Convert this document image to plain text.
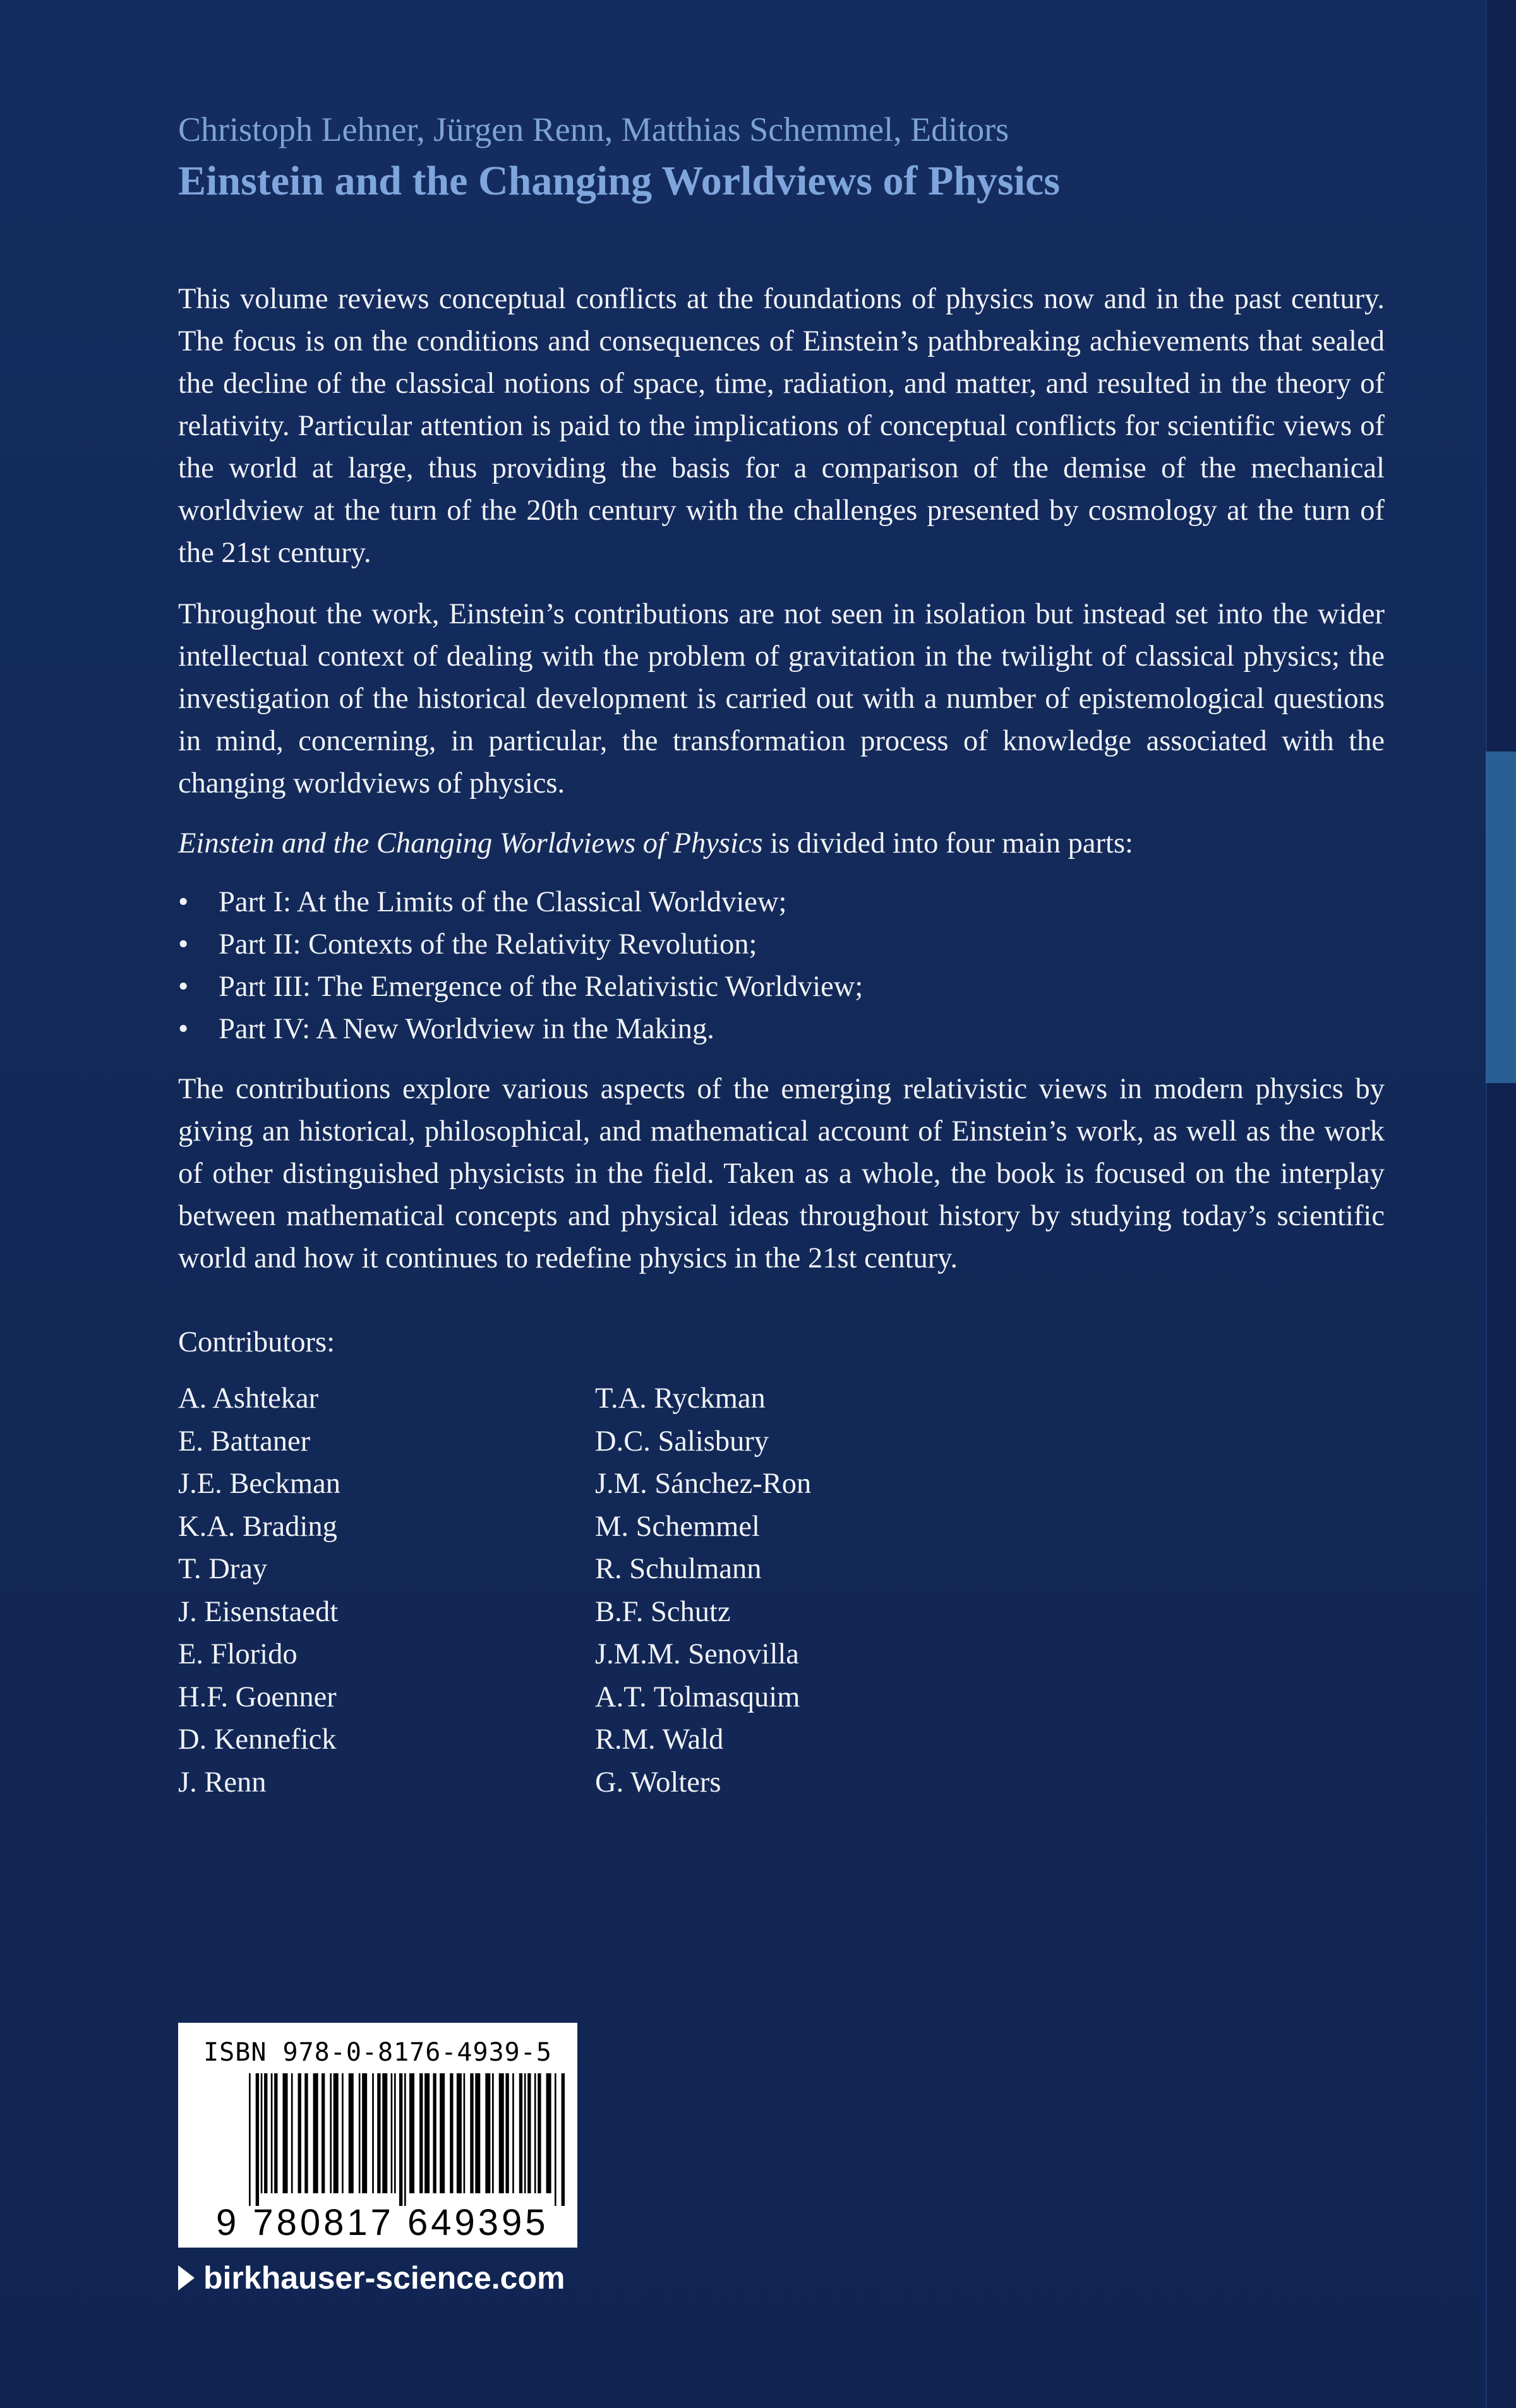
Christoph Lehner, Jürgen Renn, Matthias Schemmel, Editors

Einstein and the Changing Worldviews of Physics

This volume reviews conceptual conflicts at the foundations of physics now and in the past century. The focus is on the conditions and consequences of Einstein’s pathbreaking achievements that sealed the decline of the classical notions of space, time, radiation, and matter, and resulted in the theory of relativity. Particular attention is paid to the implications of conceptual conflicts for scientific views of the world at large, thus providing the basis for a comparison of the demise of the mechanical worldview at the turn of the 20th century with the challenges presented by cosmology at the turn of the 21st century.

Throughout the work, Einstein’s contributions are not seen in isolation but instead set into the wider intellectual context of dealing with the problem of gravitation in the twilight of classical physics; the investigation of the historical development is carried out with a number of epistemological questions in mind, concerning, in particular, the transformation process of knowledge associated with the changing worldviews of physics.

Einstein and the Changing Worldviews of Physics is divided into four main parts:

•	Part I: At the Limits of the Classical Worldview;
•	Part II: Contexts of the Relativity Revolution;
•	Part III: The Emergence of the Relativistic Worldview;
•	Part IV: A New Worldview in the Making.

The contributions explore various aspects of the emerging relativistic views in modern physics by giving an historical, philosophical, and mathematical account of Einstein’s work, as well as the work of other distinguished physicists in the field. Taken as a whole, the book is focused on the interplay between mathematical concepts and physical ideas throughout history by studying today’s scientific world and how it continues to redefine physics in the 21st century.

Contributors:
A. Ashtekar
E. Battaner
J.E. Beckman
K.A. Brading
T. Dray
J. Eisenstaedt
E. Florido
H.F. Goenner
D. Kennefick
J. Renn
T.A. Ryckman
D.C. Salisbury
J.M. Sánchez-Ron
M. Schemmel
R. Schulmann
B.F. Schutz
J.M.M. Senovilla
A.T. Tolmasquim
R.M. Wald
G. Wolters
ISBN 978-0-8176-4939-5
9 780817 649395
birkhauser-science.com
